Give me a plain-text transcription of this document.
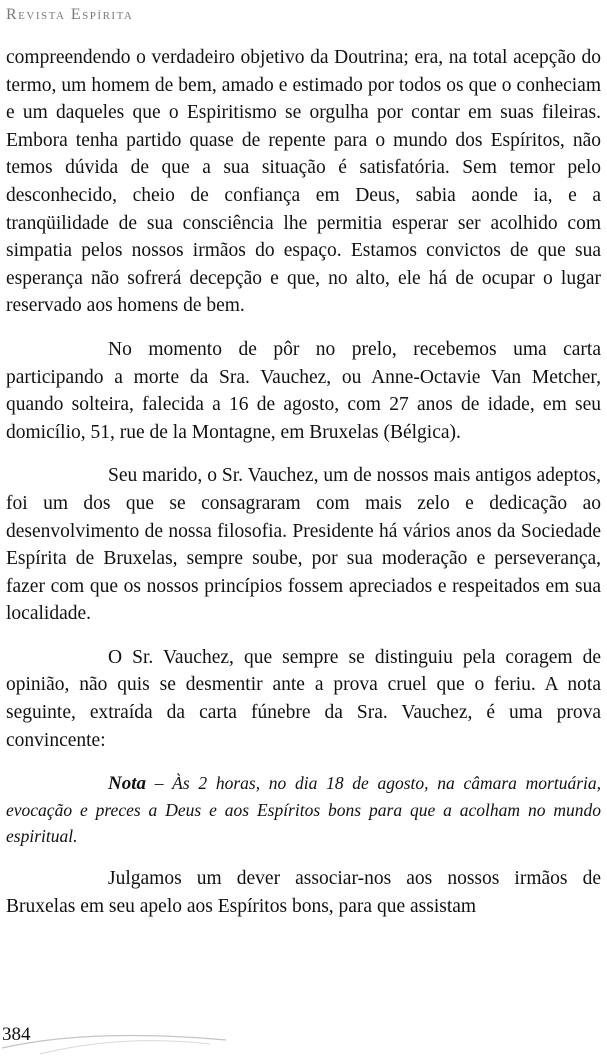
Revista Espírita

compreendendo o verdadeiro objetivo da Doutrina; era, na total acepção do termo, um homem de bem, amado e estimado por todos os que o conheciam e um daqueles que o Espiritismo se orgulha por contar em suas fileiras. Embora tenha partido quase de repente para o mundo dos Espíritos, não temos dúvida de que a sua situação é satisfatória. Sem temor pelo desconhecido, cheio de confiança em Deus, sabia aonde ia, e a tranqüilidade de sua consciência lhe permitia esperar ser acolhido com simpatia pelos nossos irmãos do espaço. Estamos convictos de que sua esperança não sofrerá decepção e que, no alto, ele há de ocupar o lugar reservado aos homens de bem.

No momento de pôr no prelo, recebemos uma carta participando a morte da Sra. Vauchez, ou Anne-Octavie Van Metcher, quando solteira, falecida a 16 de agosto, com 27 anos de idade, em seu domicílio, 51, rue de la Montagne, em Bruxelas (Bélgica).

Seu marido, o Sr. Vauchez, um de nossos mais antigos adeptos, foi um dos que se consagraram com mais zelo e dedicação ao desenvolvimento de nossa filosofia. Presidente há vários anos da Sociedade Espírita de Bruxelas, sempre soube, por sua moderação e perseverança, fazer com que os nossos princípios fossem apreciados e respeitados em sua localidade.

O Sr. Vauchez, que sempre se distinguiu pela coragem de opinião, não quis se desmentir ante a prova cruel que o feriu. A nota seguinte, extraída da carta fúnebre da Sra. Vauchez, é uma prova convincente:

Nota – Às 2 horas, no dia 18 de agosto, na câmara mortuária, evocação e preces a Deus e aos Espíritos bons para que a acolham no mundo espiritual.

Julgamos um dever associar-nos aos nossos irmãos de Bruxelas em seu apelo aos Espíritos bons, para que assistam

384
